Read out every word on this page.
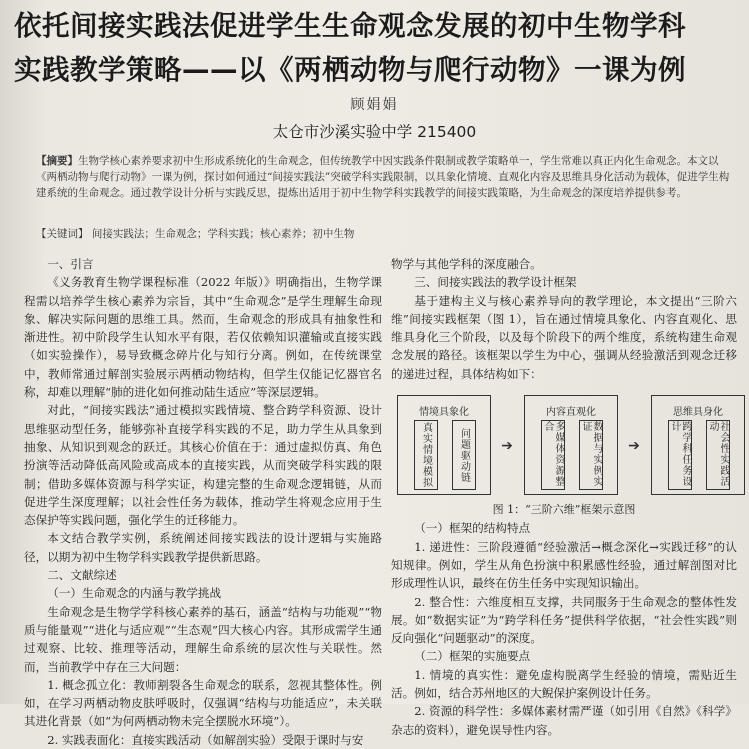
依托间接实践法促进学生生命观念发展的初中生物学科
实践教学策略——以《两栖动物与爬行动物》一课为例
顾娟娟
太仓市沙溪实验中学 215400
【摘要】生物学核心素养要求初中生形成系统化的生命观念，但传统教学中因实践条件限制或教学策略单一，学生常难以真正内化生命观念。本文以《两栖动物与爬行动物》一课为例，探讨如何通过“间接实践法”突破学科实践限制，以具象化情境、直观化内容及思维具身化活动为载体，促进学生构建系统的生命观念。通过教学设计分析与实践反思，提炼出适用于初中生物学科实践教学的间接实践策略，为生命观念的深度培养提供参考。
【关键词】 间接实践法；生命观念；学科实践；核心素养；初中生物

一、引言

《义务教育生物学课程标准（2022 年版）》明确指出，生物学课程需以培养学生核心素养为宗旨，其中“生命观念”是学生理解生命现象、解决实际问题的思维工具。然而，生命观念的形成具有抽象性和渐进性。初中阶段学生认知水平有限，若仅依赖知识灌输或直接实践（如实验操作），易导致概念碎片化与知行分离。例如，在传统课堂中，教师常通过解剖实验展示两栖动物结构，但学生仅能记忆器官名称，却难以理解“肺的进化如何推动陆生适应”等深层逻辑。

对此，“间接实践法”通过模拟实践情境、整合跨学科资源、设计思维驱动型任务，能够弥补直接学科实践的不足，助力学生从具象到抽象、从知识到观念的跃迁。其核心价值在于：通过虚拟仿真、角色扮演等活动降低高风险或高成本的直接实践，从而突破学科实践的限制；借助多媒体资源与科学实证，构建完整的生命观念逻辑链，从而促进学生深度理解；以社会性任务为载体，推动学生将观念应用于生态保护等实践问题，强化学生的迁移能力。

本文结合教学实例，系统阐述间接实践法的设计逻辑与实施路径，以期为初中生物学科实践教学提供新思路。

二、文献综述

（一）生命观念的内涵与教学挑战

生命观念是生物学学科核心素养的基石，涵盖“结构与功能观”“物质与能量观”“进化与适应观”“生态观”四大核心内容。其形成需学生通过观察、比较、推理等活动，理解生命系统的层次性与关联性。然而，当前教学中存在三大问题：

1. 概念孤立化：教师割裂各生命观念的联系，忽视其整体性。例如，在学习两栖动物皮肤呼吸时，仅强调“结构与功能适应”，未关联其进化背景（如“为何两栖动物未完全摆脱水环境”）。

2. 实践表面化：直接实践活动（如解剖实验）受限于课时与安

物学与其他学科的深度融合。

三、间接实践法的教学设计框架

基于建构主义与核心素养导向的教学理论，本文提出“三阶六维”间接实践框架（图 1），旨在通过情境具象化、内容直观化、思维具身化三个阶段，以及每个阶段下的两个维度，系统构建生命观念发展的路径。该框架以学生为中心，强调从经验激活到观念迁移的递进过程，具体结构如下：

情境具象化
真实情境模拟	问题驱动链	➔
内容直观化
多媒体资源整合	数据与实例实证
➔
思维具身化
跨学科任务设计	社会性实践活动
图 1：“三阶六维”框架示意图

（一）框架的结构特点

1. 递进性：三阶段遵循“经验激活→概念深化→实践迁移”的认知规律。例如，学生从角色扮演中积累感性经验，通过解剖图对比形成理性认识，最终在仿生任务中实现知识输出。

2. 整合性：六维度相互支撑，共同服务于生命观念的整体性发展。如“数据实证”为“跨学科任务”提供科学依据，“社会性实践”则反向强化“问题驱动”的深度。

（二）框架的实施要点

1. 情境的真实性：避免虚构脱离学生经验的情境，需贴近生活。例如，结合苏州地区的大鲵保护案例设计任务。

2. 资源的科学性：多媒体素材需严谨（如引用《自然》《科学》杂志的资料），避免误导性内容。
